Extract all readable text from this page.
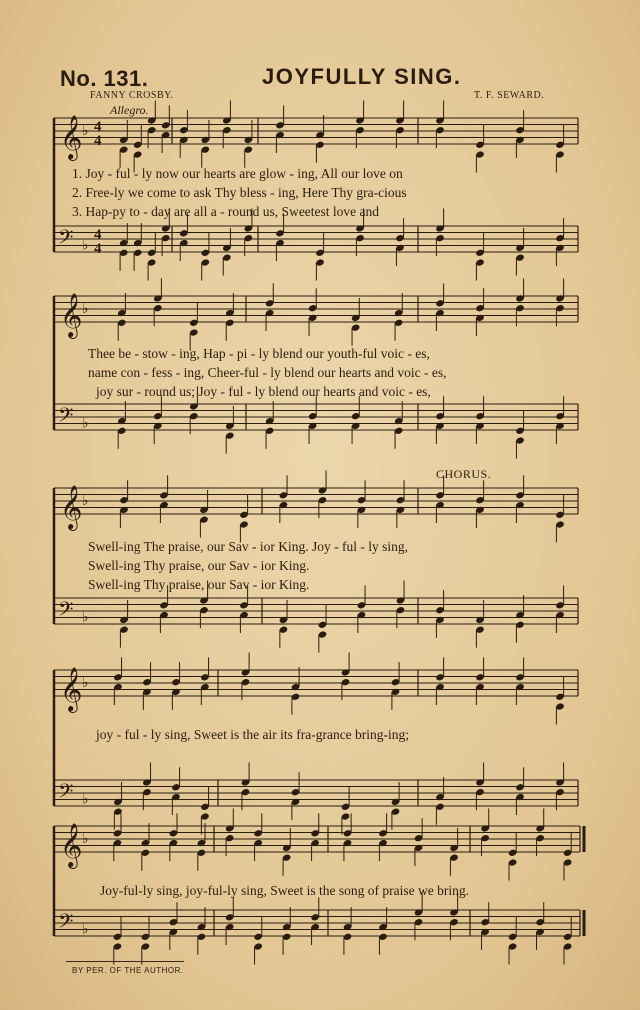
No. 131.	JOYFULLY SING.
FANNY CROSBY.	T. F. SEWARD.
Allegro.
𝄞
𝄢
♭
♭
4
4
4
4
𝄞
𝄢
♭
♭
𝄞
𝄢
♭
♭
𝄞
𝄢
♭
♭
𝄞
𝄢
♭
♭
1. Joy - ful - ly now our hearts are glow - ing, All our love on
2. Free-ly we come to ask Thy bless - ing, Here Thy gra-cious
3. Hap-py to - day are all a - round us, Sweetest love and
Thee be - stow - ing, Hap - pi - ly blend our youth-ful voic - es,
name con - fess - ing, Cheer-ful - ly blend our hearts and voic - es,
joy sur - round us; Joy - ful - ly blend our hearts and voic - es,
CHORUS.
Swell-ing The praise, our Sav - ior King. Joy - ful - ly sing,
Swell-ing Thy praise, our Sav - ior King.
Swell-ing Thy praise, our Sav - ior King.
joy - ful - ly sing, Sweet is the air its fra-grance bring-ing;
Joy-ful-ly sing, joy-ful-ly sing, Sweet is the song of praise we bring.
BY PER. OF THE AUTHOR.
